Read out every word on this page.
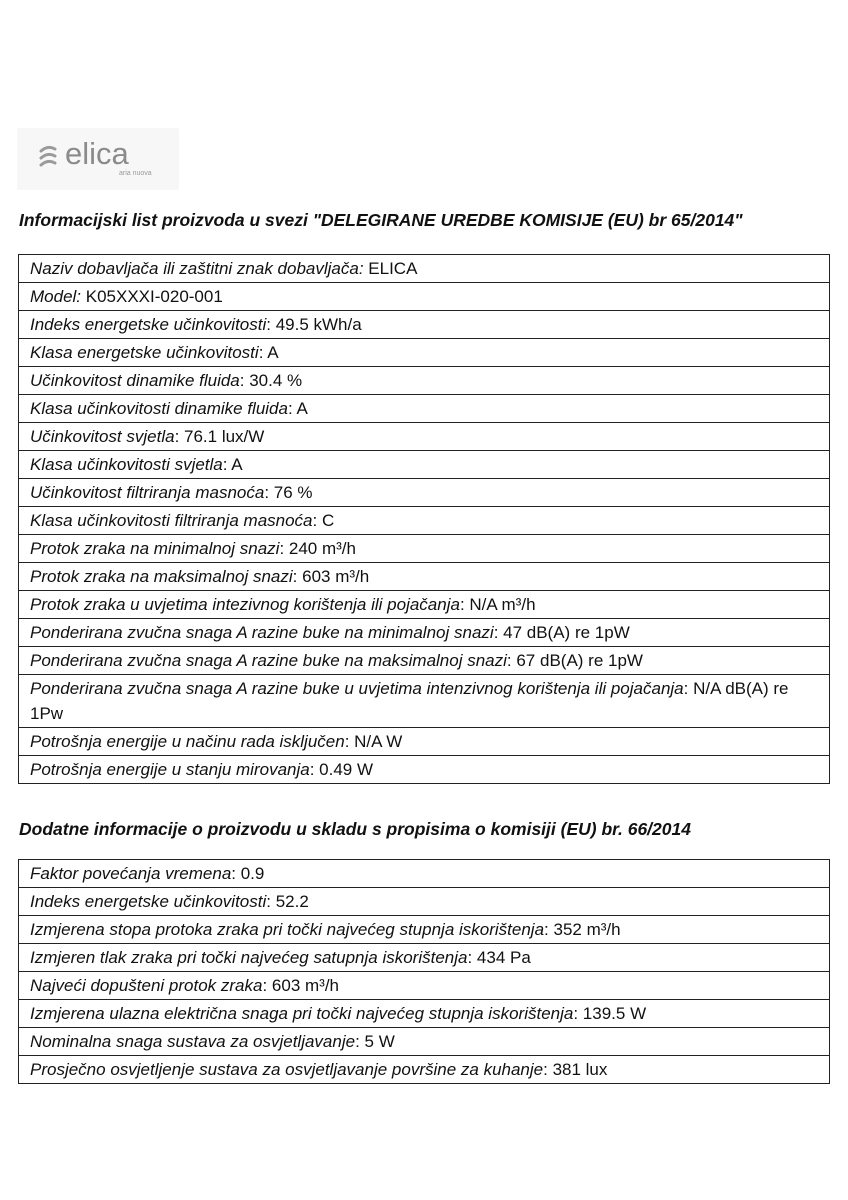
elica
aria nuova
Informacijski list proizvoda u svezi "DELEGIRANE UREDBE KOMISIJE (EU) br 65/2014"
Naziv dobavljača ili zaštitni znak dobavljača: ELICA
Model: K05XXXI-020-001
Indeks energetske učinkovitosti: 49.5 kWh/a
Klasa energetske učinkovitosti: A
Učinkovitost dinamike fluida: 30.4 %
Klasa učinkovitosti dinamike fluida: A
Učinkovitost svjetla: 76.1 lux/W
Klasa učinkovitosti svjetla: A
Učinkovitost filtriranja masnoća: 76 %
Klasa učinkovitosti filtriranja masnoća: C
Protok zraka na minimalnoj snazi: 240 m³/h
Protok zraka na maksimalnoj snazi: 603 m³/h
Protok zraka u uvjetima intezivnog korištenja ili pojačanja: N/A m³/h
Ponderirana zvučna snaga A razine buke na minimalnoj snazi: 47 dB(A) re 1pW
Ponderirana zvučna snaga A razine buke na maksimalnoj snazi: 67 dB(A) re 1pW
Ponderirana zvučna snaga A razine buke u uvjetima intenzivnog korištenja ili pojačanja: N/A dB(A) re 1Pw
Potrošnja energije u načinu rada isključen: N/A W
Potrošnja energije u stanju mirovanja: 0.49 W
Dodatne informacije o proizvodu u skladu s propisima o komisiji (EU) br. 66/2014
Faktor povećanja vremena: 0.9
Indeks energetske učinkovitosti: 52.2
Izmjerena stopa protoka zraka pri točki najvećeg stupnja iskorištenja: 352 m³/h
Izmjeren tlak zraka pri točki najvećeg satupnja iskorištenja: 434 Pa
Najveći dopušteni protok zraka: 603 m³/h
Izmjerena ulazna električna snaga pri točki najvećeg stupnja iskorištenja: 139.5 W
Nominalna snaga sustava za osvjetljavanje: 5 W
Prosječno osvjetljenje sustava za osvjetljavanje površine za kuhanje: 381 lux
